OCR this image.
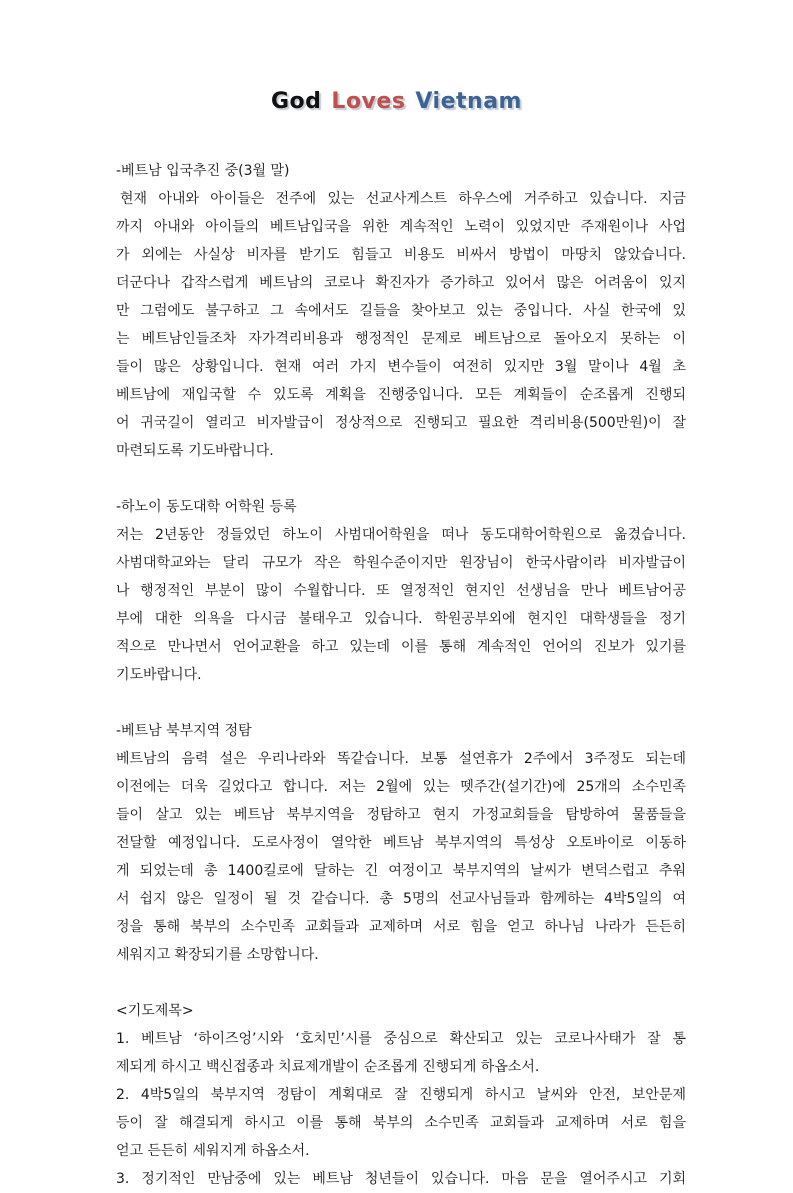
God Loves Vietnam
-베트남 입국추진 중(3월 말)
현재 아내와 아이들은 전주에 있는 선교사게스트 하우스에 거주하고 있습니다. 지금
까지 아내와 아이들의 베트남입국을 위한 계속적인 노력이 있었지만 주재원이나 사업
가 외에는 사실상 비자를 받기도 힘들고 비용도 비싸서 방법이 마땅치 않았습니다.
더군다나 갑작스럽게 베트남의 코로나 확진자가 증가하고 있어서 많은 어려움이 있지
만 그럼에도 불구하고 그 속에서도 길들을 찾아보고 있는 중입니다. 사실 한국에 있
는 베트남인들조차 자가격리비용과 행정적인 문제로 베트남으로 돌아오지 못하는 이
들이 많은 상황입니다. 현재 여러 가지 변수들이 여전히 있지만 3월 말이나 4월 초
베트남에 재입국할 수 있도록 계획을 진행중입니다. 모든 계획들이 순조롭게 진행되
어 귀국길이 열리고 비자발급이 정상적으로 진행되고 필요한 격리비용(500만원)이 잘
마련되도록 기도바랍니다.
-하노이 동도대학 어학원 등록
저는 2년동안 정들었던 하노이 사범대어학원을 떠나 동도대학어학원으로 옮겼습니다.
사범대학교와는 달리 규모가 작은 학원수준이지만 원장님이 한국사람이라 비자발급이
나 행정적인 부분이 많이 수월합니다. 또 열정적인 현지인 선생님을 만나 베트남어공
부에 대한 의욕을 다시금 불태우고 있습니다. 학원공부외에 현지인 대학생들을 정기
적으로 만나면서 언어교환을 하고 있는데 이를 통해 계속적인 언어의 진보가 있기를
기도바랍니다.
-베트남 북부지역 정탐
베트남의 음력 설은 우리나라와 똑같습니다. 보통 설연휴가 2주에서 3주정도 되는데
이전에는 더욱 길었다고 합니다. 저는 2월에 있는 뗏주간(설기간)에 25개의 소수민족
들이 살고 있는 베트남 북부지역을 정탐하고 현지 가정교회들을 탐방하여 물품들을
전달할 예정입니다. 도로사정이 열악한 베트남 북부지역의 특성상 오토바이로 이동하
게 되었는데 총 1400킬로에 달하는 긴 여정이고 북부지역의 날씨가 변덕스럽고 추워
서 쉽지 않은 일정이 될 것 같습니다. 총 5명의 선교사님들과 함께하는 4박5일의 여
정을 통해 북부의 소수민족 교회들과 교제하며 서로 힘을 얻고 하나님 나라가 든든히
세워지고 확장되기를 소망합니다.
<기도제목>
1. 베트남 ‘하이즈엉’시와 ‘호치민’시를 중심으로 확산되고 있는 코로나사태가 잘 통
제되게 하시고 백신접종과 치료제개발이 순조롭게 진행되게 하옵소서.
2. 4박5일의 북부지역 정탐이 계획대로 잘 진행되게 하시고 날씨와 안전, 보안문제
등이 잘 해결되게 하시고 이를 통해 북부의 소수민족 교회들과 교제하며 서로 힘을
얻고 든든히 세워지게 하옵소서.
3. 정기적인 만남중에 있는 베트남 청년들이 있습니다. 마음 문을 열어주시고 기회
